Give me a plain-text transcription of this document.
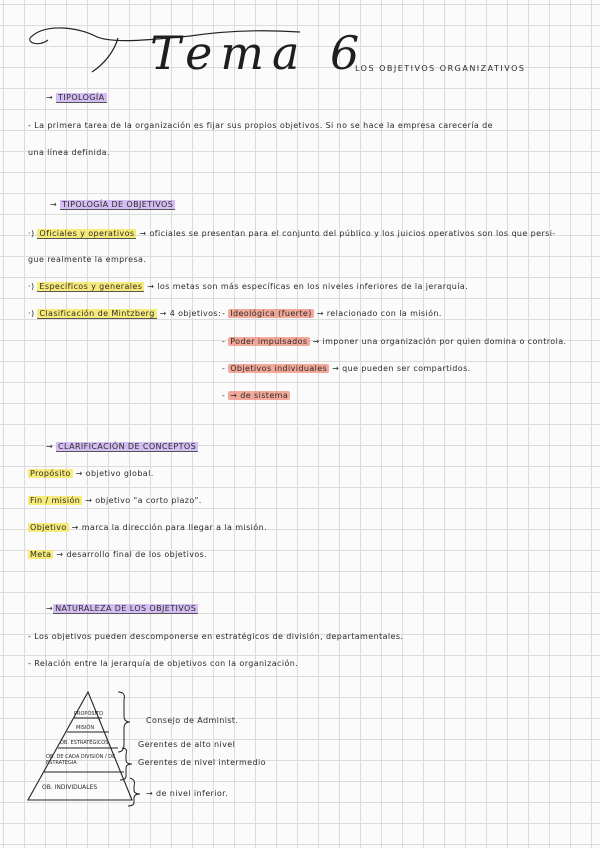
Tema 6
LOS OBJETIVOS ORGANIZATIVOS
→ TIPOLOGÍA
- La primera tarea de la organización es fijar sus propios objetivos. Si no se hace la empresa carecería de
una línea definida.
→ TIPOLOGÍA DE OBJETIVOS
·) Oficiales y operativos → oficiales se presentan para el conjunto del público y los juicios operativos son los que persi-
gue realmente la empresa.
·) Específicos y generales → los metas son más específicas en los niveles inferiores de la jerarquía.
·) Clasificación de Mintzberg → 4 objetivos: - Ideológica (fuerte) → relacionado con la misión.
- Poder impulsados → imponer una organización por quien domina o controla.
- Objetivos individuales → que pueden ser compartidos.
- → de sistema
→ CLARIFICACIÓN DE CONCEPTOS
Propósito → objetivo global.
Fin / misión → objetivo "a corto plazo".
Objetivo → marca la dirección para llegar a la misión.
Meta → desarrollo final de los objetivos.
→ NATURALEZA DE LOS OBJETIVOS
- Los objetivos pueden descomponerse en estratégicos de división, departamentales.
- Relación entre la jerarquía de objetivos con la organización.
PROPÓSITO
MISIÓN
OB. ESTRATÉGICOS
OB. DE CADA DIVISIÓN / DE ESTRATEGIA
OB. INDIVIDUALES
Consejo de Administ.
Gerentes de alto nivel
Gerentes de nivel intermedio
→ de nivel inferior.
